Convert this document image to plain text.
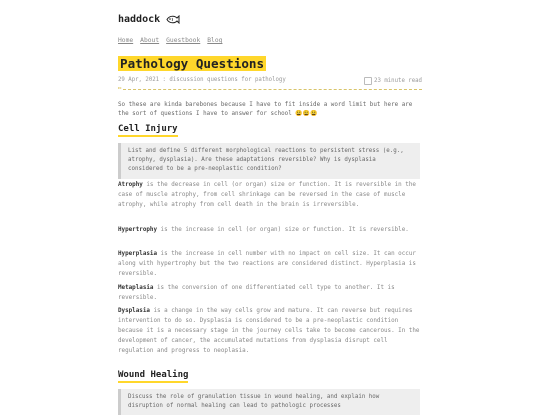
haddock
Home About Guestbook Blog
Pathology Questions
29 Apr, 2021 : discussion questions for pathology	23 minute read
✂

So these are kinda barebones because I have to fit inside a word limit but here are the sort of questions I have to answer for school 😩😩😩

Cell Injury
List and define 5 different morphological reactions to persistent stress (e.g., atrophy, dysplasia). Are these adaptations reversible? Why is dysplasia considered to be a pre-neoplastic condition?
Atrophy is the decrease in cell (or organ) size or function. It is reversible in the case of muscle atrophy, from cell shrinkage can be reversed in the case of muscle atrophy, while atrophy from cell death in the brain is irreversible.
Hypertrophy is the increase in cell (or organ) size or function. It is reversible.
Hyperplasia is the increase in cell number with no impact on cell size. It can occur along with hypertrophy but the two reactions are considered distinct. Hyperplasia is reversible.
Metaplasia is the conversion of one differentiated cell type to another. It is reversible.
Dysplasia is a change in the way cells grow and mature. It can reverse but requires intervention to do so. Dysplasia is considered to be a pre-neoplastic condition because it is a necessary stage in the journey cells take to become cancerous. In the development of cancer, the accumulated mutations from dysplasia disrupt cell regulation and progress to neoplasia.
Wound Healing
Discuss the role of granulation tissue in wound healing, and explain how disruption of normal healing can lead to pathologic processes
